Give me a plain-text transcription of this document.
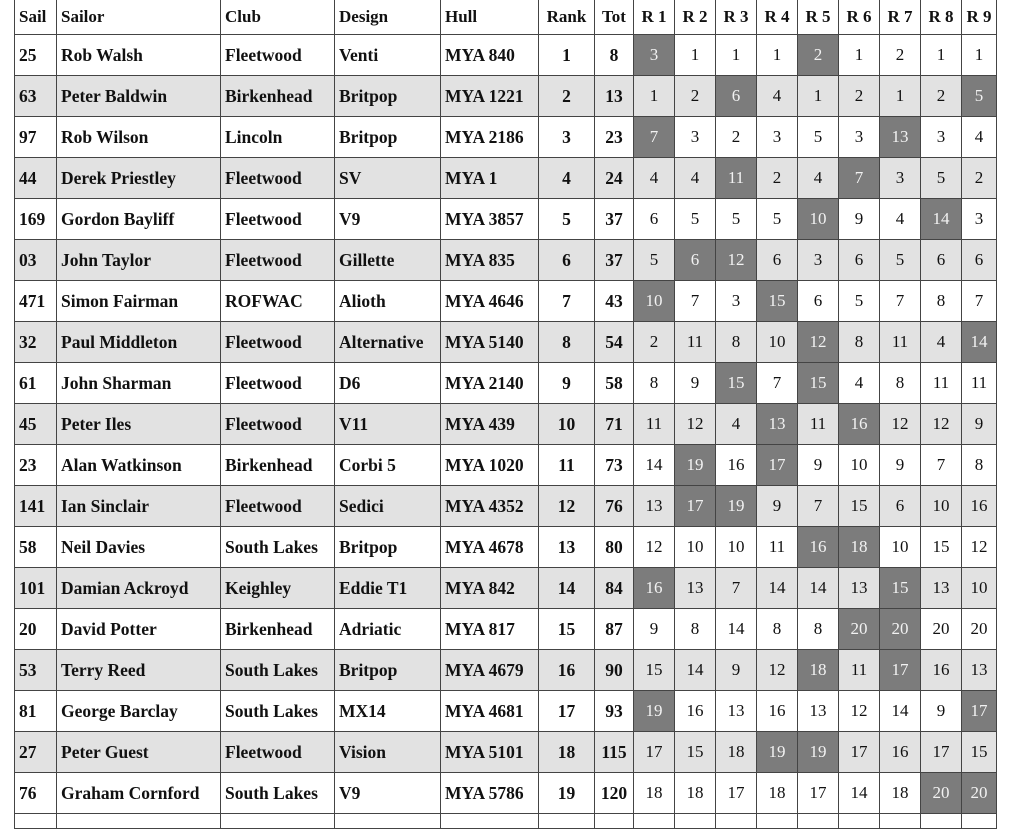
Sail	Sailor	Club	Design	Hull	Rank	Tot	R 1	R 2	R 3	R 4	R 5	R 6	R 7	R 8	R 9
25	Rob Walsh	Fleetwood	Venti	MYA 840	1	8	3	1	1	1	2	1	2	1	1
63	Peter Baldwin	Birkenhead	Britpop	MYA 1221	2	13	1	2	6	4	1	2	1	2	5
97	Rob Wilson	Lincoln	Britpop	MYA 2186	3	23	7	3	2	3	5	3	13	3	4
44	Derek Priestley	Fleetwood	SV	MYA 1	4	24	4	4	11	2	4	7	3	5	2
169	Gordon Bayliff	Fleetwood	V9	MYA 3857	5	37	6	5	5	5	10	9	4	14	3
03	John Taylor	Fleetwood	Gillette	MYA 835	6	37	5	6	12	6	3	6	5	6	6
471	Simon Fairman	ROFWAC	Alioth	MYA 4646	7	43	10	7	3	15	6	5	7	8	7
32	Paul Middleton	Fleetwood	Alternative	MYA 5140	8	54	2	11	8	10	12	8	11	4	14
61	John Sharman	Fleetwood	D6	MYA 2140	9	58	8	9	15	7	15	4	8	11	11
45	Peter Iles	Fleetwood	V11	MYA 439	10	71	11	12	4	13	11	16	12	12	9
23	Alan Watkinson	Birkenhead	Corbi 5	MYA 1020	11	73	14	19	16	17	9	10	9	7	8
141	Ian Sinclair	Fleetwood	Sedici	MYA 4352	12	76	13	17	19	9	7	15	6	10	16
58	Neil Davies	South Lakes	Britpop	MYA 4678	13	80	12	10	10	11	16	18	10	15	12
101	Damian Ackroyd	Keighley	Eddie T1	MYA 842	14	84	16	13	7	14	14	13	15	13	10
20	David Potter	Birkenhead	Adriatic	MYA 817	15	87	9	8	14	8	8	20	20	20	20
53	Terry Reed	South Lakes	Britpop	MYA 4679	16	90	15	14	9	12	18	11	17	16	13
81	George Barclay	South Lakes	MX14	MYA 4681	17	93	19	16	13	16	13	12	14	9	17
27	Peter Guest	Fleetwood	Vision	MYA 5101	18	115	17	15	18	19	19	17	16	17	15
76	Graham Cornford	South Lakes	V9	MYA 5786	19	120	18	18	17	18	17	14	18	20	20
